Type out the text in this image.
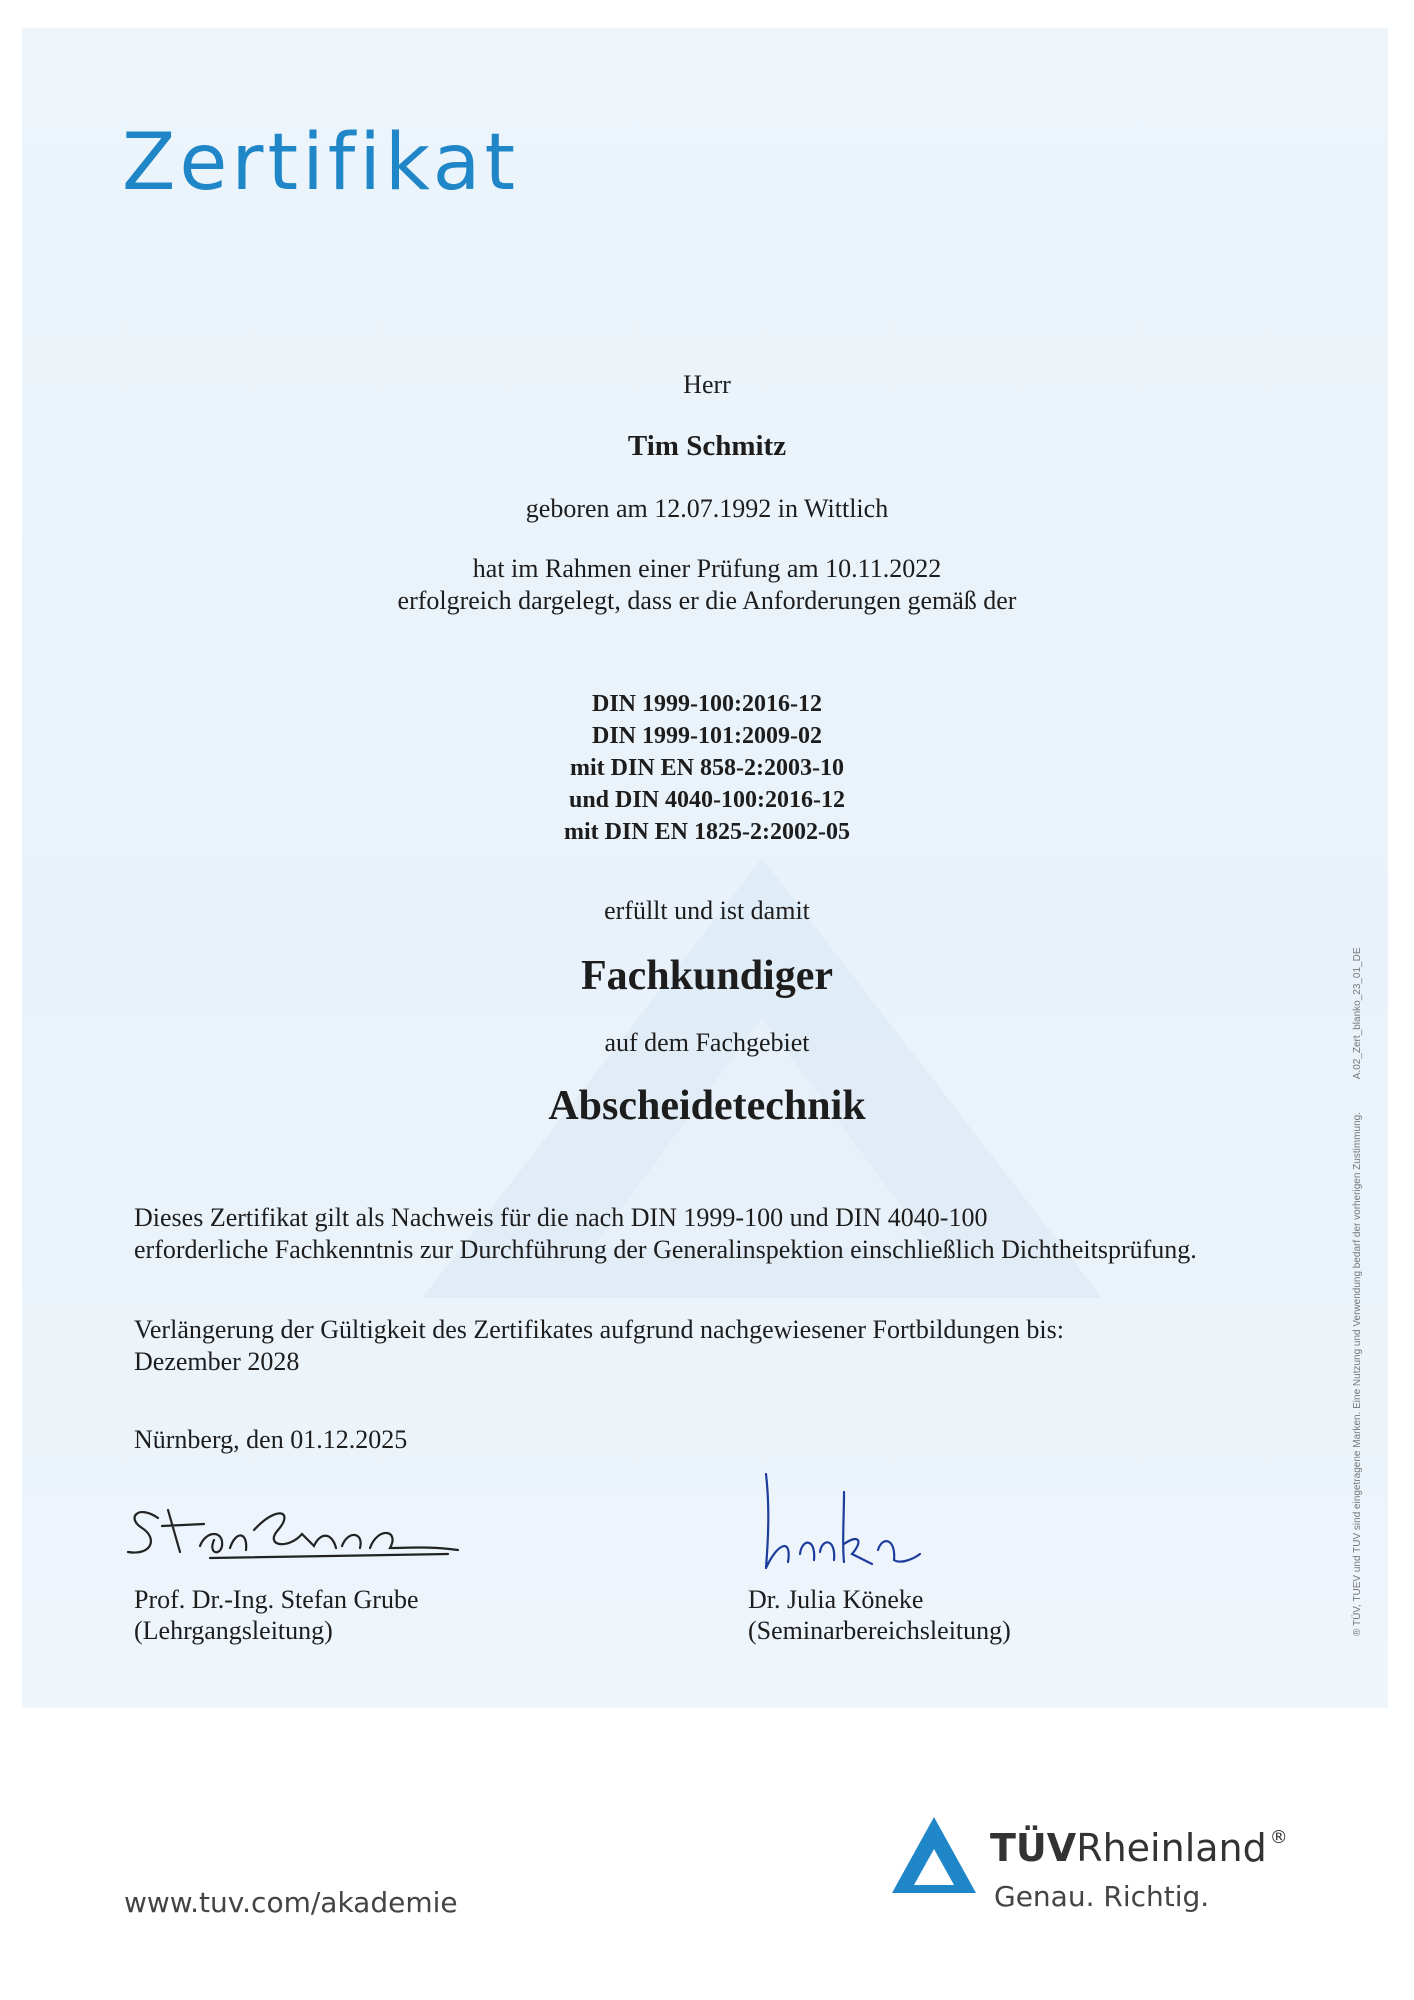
Zertifikat
Herr
Tim Schmitz
geboren am 12.07.1992 in Wittlich
hat im Rahmen einer Prüfung am 10.11.2022
erfolgreich dargelegt, dass er die Anforderungen gemäß der
DIN 1999-100:2016-12
DIN 1999-101:2009-02
mit DIN EN 858-2:2003-10
und DIN 4040-100:2016-12
mit DIN EN 1825-2:2002-05
erfüllt und ist damit
Fachkundiger
auf dem Fachgebiet
Abscheidetechnik
Dieses Zertifikat gilt als Nachweis für die nach DIN 1999-100 und DIN 4040-100
erforderliche Fachkenntnis zur Durchführung der Generalinspektion einschließlich Dichtheitsprüfung.
Verlängerung der Gültigkeit des Zertifikates aufgrund nachgewiesener Fortbildungen bis:
Dezember 2028
Nürnberg, den 01.12.2025
Prof. Dr.-Ing. Stefan Grube
(Lehrgangsleitung)
Dr. Julia Köneke
(Seminarbereichsleitung)	® TÜV, TUEV und TUV sind eingetragene Marken. Eine Nutzung und Verwendung bedarf der vorherigen Zustimmung. A.02_Zert_blanko_23_01_DE
www.tuv.com/akademie
TÜVRheinland ®
Genau. Richtig.
